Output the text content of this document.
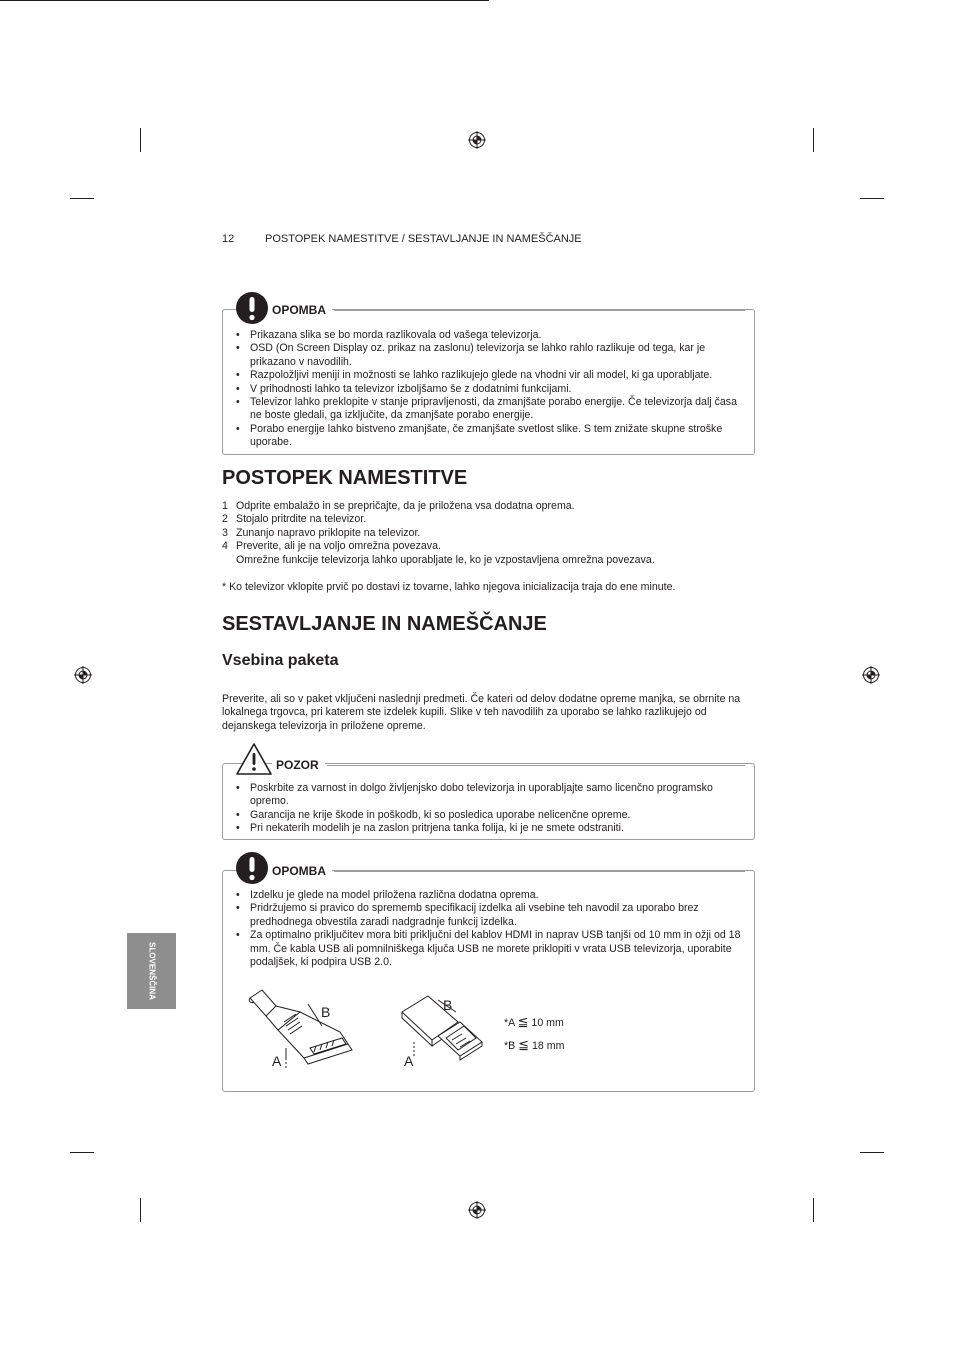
12	POSTOPEK NAMESTITVE / SESTAVLJANJE IN NAMEŠČANJE
• Prikazana slika se bo morda razlikovala od vašega televizorja.
• OSD (On Screen Display oz. prikaz na zaslonu) televizorja se lahko rahlo razlikuje od tega, kar je prikazano v navodilih.
• Razpoložljivi meniji in možnosti se lahko razlikujejo glede na vhodni vir ali model, ki ga uporabljate.
• V prihodnosti lahko ta televizor izboljšamo še z dodatnimi funkcijami.
• Televizor lahko preklopite v stanje pripravljenosti, da zmanjšate porabo energije. Če televizorja dalj časa ne boste gledali, ga izključite, da zmanjšate porabo energije.
• Porabo energije lahko bistveno zmanjšate, če zmanjšate svetlost slike. S tem znižate skupne stroške uporabe.
OPOMBA
POSTOPEK NAMESTITVE
1 Odprite embalažo in se prepričajte, da je priložena vsa dodatna oprema.
2 Stojalo pritrdite na televizor.
3 Zunanjo napravo priklopite na televizor.
4 Preverite, ali je na voljo omrežna povezava.
Omrežne funkcije televizorja lahko uporabljate le, ko je vzpostavljena omrežna povezava.
* Ko televizor vklopite prvič po dostavi iz tovarne, lahko njegova inicializacija traja do ene minute.
SESTAVLJANJE IN NAMEŠČANJE
Vsebina paketa
Preverite, ali so v paket vključeni naslednji predmeti. Če kateri od delov dodatne opreme manjka, se obrnite na lokalnega trgovca, pri katerem ste izdelek kupili. Slike v teh navodilih za uporabo se lahko razlikujejo od dejanskega televizorja in priložene opreme.
• Poskrbite za varnost in dolgo življenjsko dobo televizorja in uporabljajte samo licenčno programsko opremo.
• Garancija ne krije škode in poškodb, ki so posledica uporabe nelicenčne opreme.
• Pri nekaterih modelih je na zaslon pritrjena tanka folija, ki je ne smete odstraniti.
POZOR
• Izdelku je glede na model priložena različna dodatna oprema.
• Pridržujemo si pravico do sprememb specifikacij izdelka ali vsebine teh navodil za uporabo brez predhodnega obvestila zaradi nadgradnje funkcij izdelka.
• Za optimalno priključitev mora biti priključni del kablov HDMI in naprav USB tanjši od 10 mm in ožji od 18 mm. Če kabla USB ali pomnilniškega ključa USB ne morete priklopiti v vrata USB televizorja, uporabite podaljšek, ki podpira USB 2.0.
OPOMBA
B
A
B
A
*A ≦ 10 mm
*B ≦ 18 mm
SLOVENŠČINA
